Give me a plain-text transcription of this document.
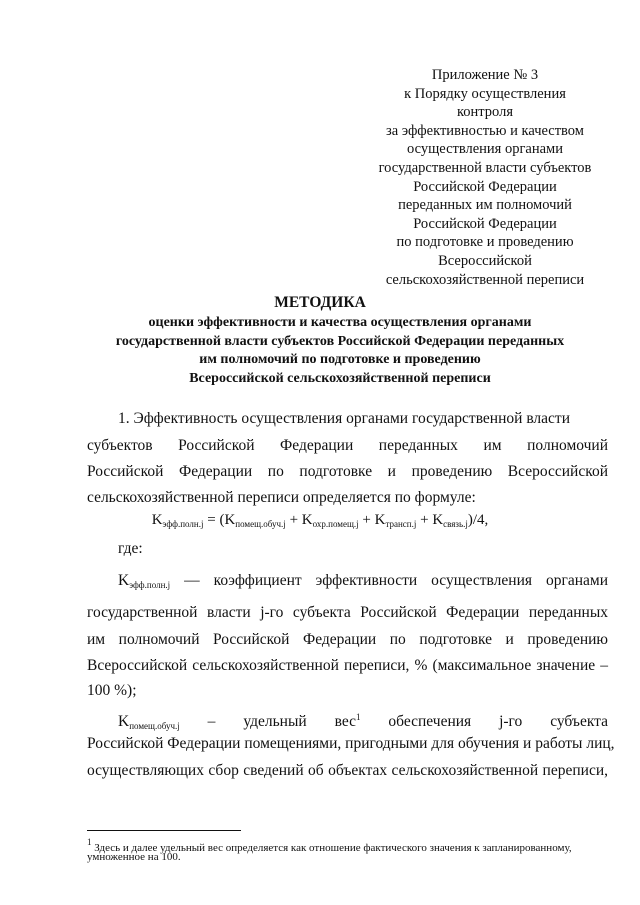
Приложение № 3
к Порядку осуществления
контроля
за эффективностью и качеством
осуществления органами
государственной власти субъектов
Российской Федерации
переданных им полномочий
Российской Федерации
по подготовке и проведению
Всероссийской
сельскохозяйственной переписи
МЕТОДИКА
оценки эффективности и качества осуществления органами
государственной власти субъектов Российской Федерации переданных
им полномочий по подготовке и проведению
Всероссийской сельскохозяйственной переписи
1. Эффективность осуществления органами государственной власти
субъектов Российской Федерации переданных им полномочий
Российской Федерации по подготовке и проведению Всероссийской
сельскохозяйственной переписи определяется по формуле:
$K_{эфф.полн.j} = (K_{помещ.обуч.j} + K_{охр.помещ.j} + K_{трансп.j} + K_{связь.j})/4$,
где:
$K_{эфф.полн.j}$ — коэффициент эффективности осуществления органами
государственной власти j-го субъекта Российской Федерации переданных
им полномочий Российской Федерации по подготовке и проведению
Всероссийской сельскохозяйственной переписи, % (максимальное значение –
100 %);
$K_{помещ.обуч.j}$ – удельный вес$^1$ обеспечения j-го субъекта
Российской Федерации помещениями, пригодными для обучения и работы лиц,
осуществляющих сбор сведений об объектах сельскохозяйственной переписи,
$^1$ Здесь и далее удельный вес определяется как отношение фактического значения к запланированному,
умноженное на 100.
